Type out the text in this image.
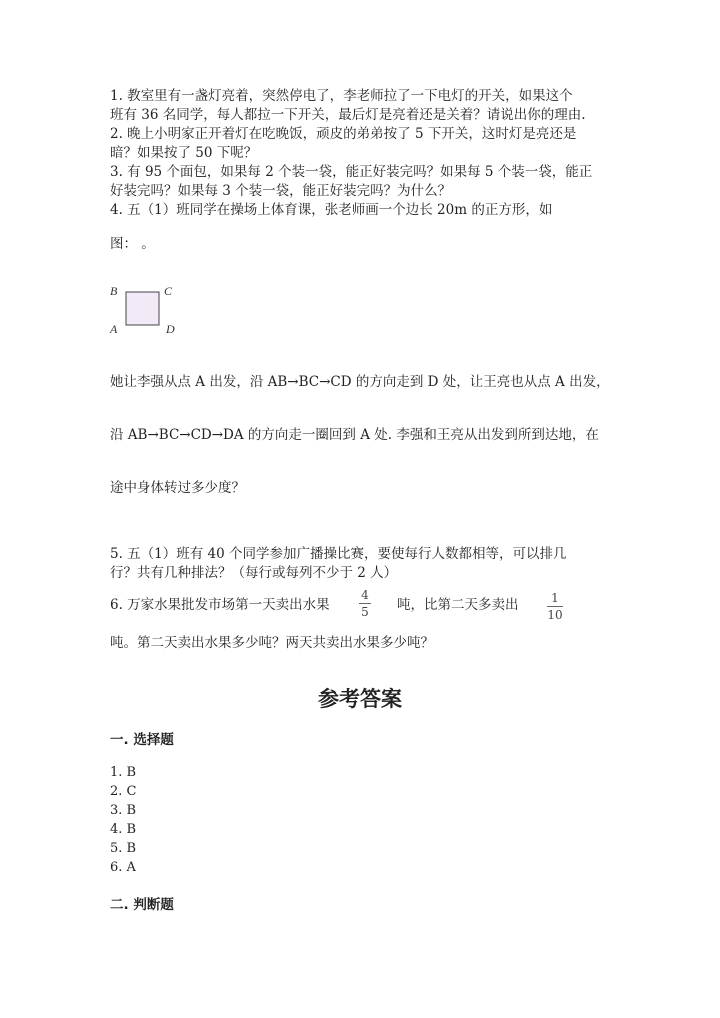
1. 教室里有一盏灯亮着，突然停电了，李老师拉了一下电灯的开关，如果这个
班有 36 名同学，每人都拉一下开关，最后灯是亮着还是关着？请说出你的理由.
2. 晚上小明家正开着灯在吃晚饭，顽皮的弟弟按了 5 下开关，这时灯是亮还是
暗？如果按了 50 下呢？
3. 有 95 个面包，如果每 2 个装一袋，能正好装完吗？如果每 5 个装一袋，能正
好装完吗？如果每 3 个装一袋，能正好装完吗？为什么？
4. 五（1）班同学在操场上体育课，张老师画一个边长 20m 的正方形，如
图： 。
B	C
A	D
她让李强从点 A 出发，沿 AB→BC→CD 的方向走到 D 处，让王亮也从点 A 出发，
沿 AB→BC→CD→DA 的方向走一圈回到 A 处. 李强和王亮从出发到所到达地，在
途中身体转过多少度？
5. 五（1）班有 40 个同学参加广播操比赛，要使每行人数都相等，可以排几
行？共有几种排法？（每行或每列不少于 2 人）
6. 万家水果批发市场第一天卖出水果
4
5 吨，比第二天多卖出	1
10
吨。第二天卖出水果多少吨？两天共卖出水果多少吨？
参考答案
一. 选择题
1. B
2. C
3. B
4. B
5. B
6. A
二. 判断题
